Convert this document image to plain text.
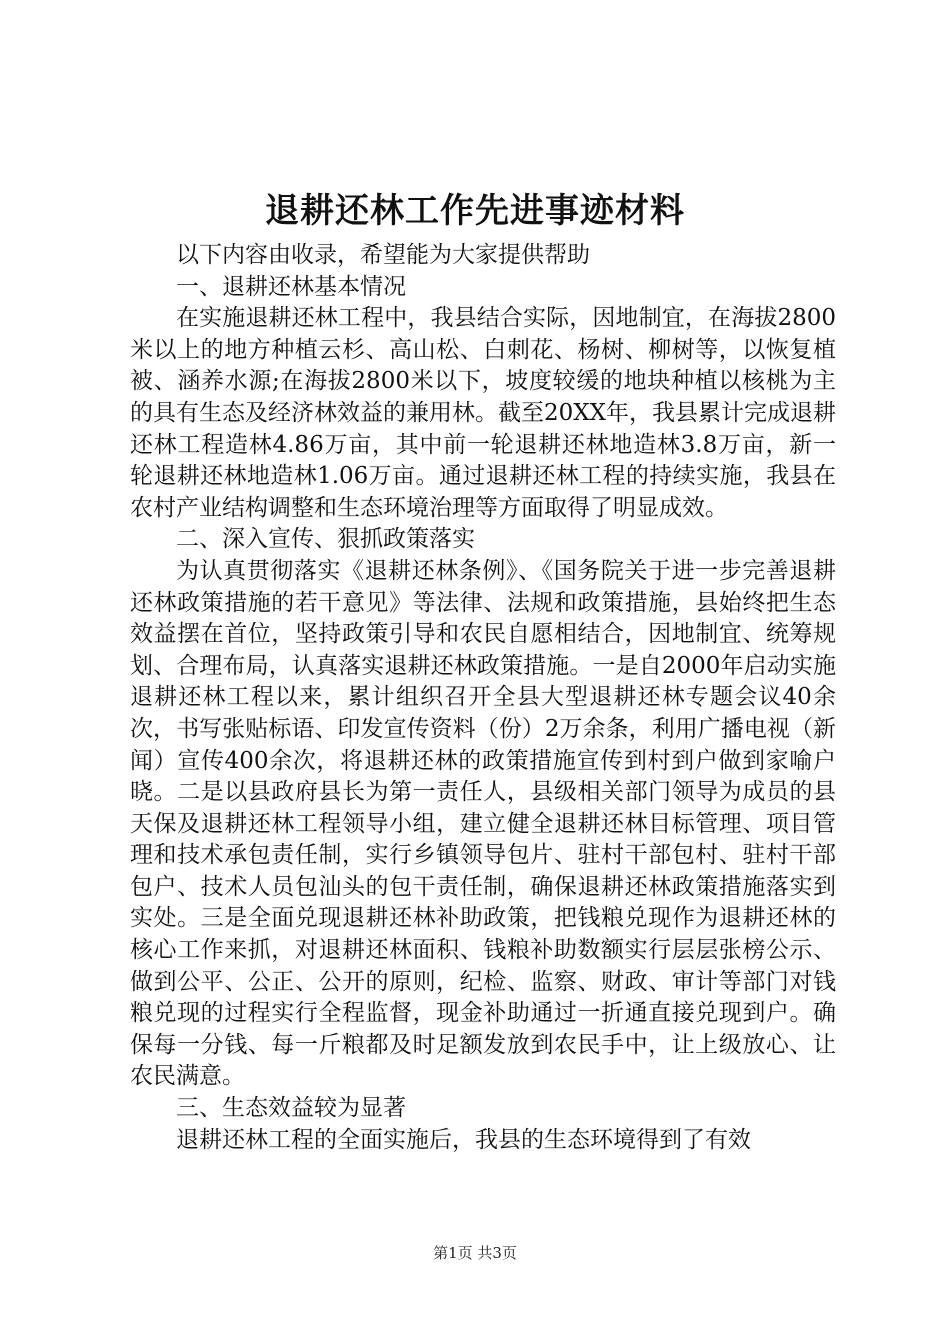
退耕还林工作先进事迹材料

以下内容由收录，希望能为大家提供帮助

一、退耕还林基本情况

在实施退耕还林工程中，我县结合实际，因地制宜，在海拔2800米以上的地方种植云杉、高山松、白刺花、杨树、柳树等，以恢复植被、涵养水源;在海拔2800米以下，坡度较缓的地块种植以核桃为主的具有生态及经济林效益的兼用林。截至20XX年，我县累计完成退耕还林工程造林4.86万亩，其中前一轮退耕还林地造林3.8万亩，新一轮退耕还林地造林1.06万亩。通过退耕还林工程的持续实施，我县在农村产业结构调整和生态环境治理等方面取得了明显成效。

二、深入宣传、狠抓政策落实

为认真贯彻落实《退耕还林条例》、《国务院关于进一步完善退耕还林政策措施的若干意见》等法律、法规和政策措施，县始终把生态效益摆在首位，坚持政策引导和农民自愿相结合，因地制宜、统筹规划、合理布局，认真落实退耕还林政策措施。一是自2000年启动实施退耕还林工程以来，累计组织召开全县大型退耕还林专题会议40余次，书写张贴标语、印发宣传资料（份）2万余条，利用广播电视（新闻）宣传400余次，将退耕还林的政策措施宣传到村到户做到家喻户晓。二是以县政府县长为第一责任人，县级相关部门领导为成员的县天保及退耕还林工程领导小组，建立健全退耕还林目标管理、项目管理和技术承包责任制，实行乡镇领导包片、驻村干部包村、驻村干部包户、技术人员包汕头的包干责任制，确保退耕还林政策措施落实到实处。三是全面兑现退耕还林补助政策，把钱粮兑现作为退耕还林的核心工作来抓，对退耕还林面积、钱粮补助数额实行层层张榜公示、做到公平、公正、公开的原则，纪检、监察、财政、审计等部门对钱粮兑现的过程实行全程监督，现金补助通过一折通直接兑现到户。确保每一分钱、每一斤粮都及时足额发放到农民手中，让上级放心、让农民满意。

三、生态效益较为显著

退耕还林工程的全面实施后，我县的生态环境得到了有效

第1页 共3页
